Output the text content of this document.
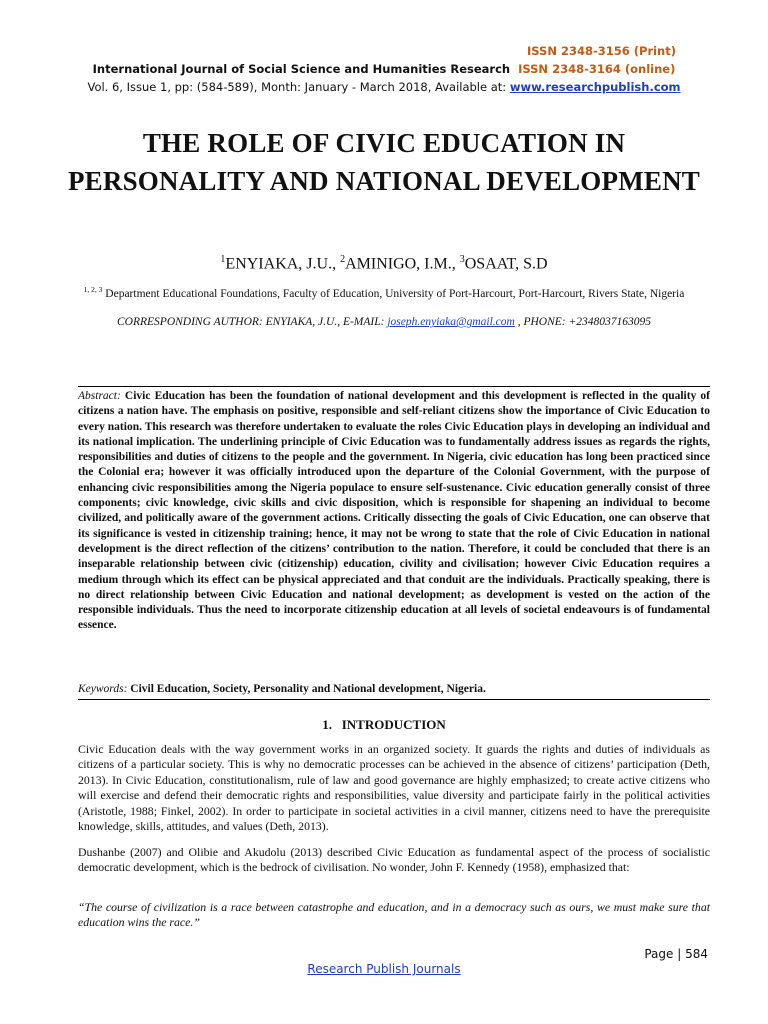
ISSN 2348-3156 (Print)
International Journal of Social Science and Humanities Research ISSN 2348-3164 (online)
Vol. 6, Issue 1, pp: (584-589), Month: January - March 2018, Available at: www.researchpublish.com
THE ROLE OF CIVIC EDUCATION IN PERSONALITY AND NATIONAL DEVELOPMENT
$^1$ENYIAKA, J.U., $^2$AMINIGO, I.M., $^3$OSAAT, S.D
$^{1, 2, 3}$ Department Educational Foundations, Faculty of Education, University of Port-Harcourt, Port-Harcourt, Rivers State, Nigeria
CORRESPONDING AUTHOR: ENYIAKA, J.U., E-MAIL: joseph.enyiaka@gmail.com , PHONE: +2348037163095
Abstract: Civic Education has been the foundation of national development and this development is reflected in the quality of citizens a nation have. The emphasis on positive, responsible and self-reliant citizens show the importance of Civic Education to every nation. This research was therefore undertaken to evaluate the roles Civic Education plays in developing an individual and its national implication. The underlining principle of Civic Education was to fundamentally address issues as regards the rights, responsibilities and duties of citizens to the people and the government. In Nigeria, civic education has long been practiced since the Colonial era; however it was officially introduced upon the departure of the Colonial Government, with the purpose of enhancing civic responsibilities among the Nigeria populace to ensure self-sustenance. Civic education generally consist of three components; civic knowledge, civic skills and civic disposition, which is responsible for shapening an individual to become civilized, and politically aware of the government actions. Critically dissecting the goals of Civic Education, one can observe that its significance is vested in citizenship training; hence, it may not be wrong to state that the role of Civic Education in national development is the direct reflection of the citizens’ contribution to the nation. Therefore, it could be concluded that there is an inseparable relationship between civic (citizenship) education, civility and civilisation; however Civic Education requires a medium through which its effect can be physical appreciated and that conduit are the individuals. Practically speaking, there is no direct relationship between Civic Education and national development; as development is vested on the action of the responsible individuals. Thus the need to incorporate citizenship education at all levels of societal endeavours is of fundamental essence.
Keywords: Civil Education, Society, Personality and National development, Nigeria.
1. INTRODUCTION

Civic Education deals with the way government works in an organized society. It guards the rights and duties of individuals as citizens of a particular society. This is why no democratic processes can be achieved in the absence of citizens’ participation (Deth, 2013). In Civic Education, constitutionalism, rule of law and good governance are highly emphasized; to create active citizens who will exercise and defend their democratic rights and responsibilities, value diversity and participate fairly in the political activities (Aristotle, 1988; Finkel, 2002). In order to participate in societal activities in a civil manner, citizens need to have the prerequisite knowledge, skills, attitudes, and values (Deth, 2013).

Dushanbe (2007) and Olibie and Akudolu (2013) described Civic Education as fundamental aspect of the process of socialistic democratic development, which is the bedrock of civilisation. No wonder, John F. Kennedy (1958), emphasized that:

“The course of civilization is a race between catastrophe and education, and in a democracy such as ours, we must make sure that education wins the race.”

Page | 584
Research Publish Journals
